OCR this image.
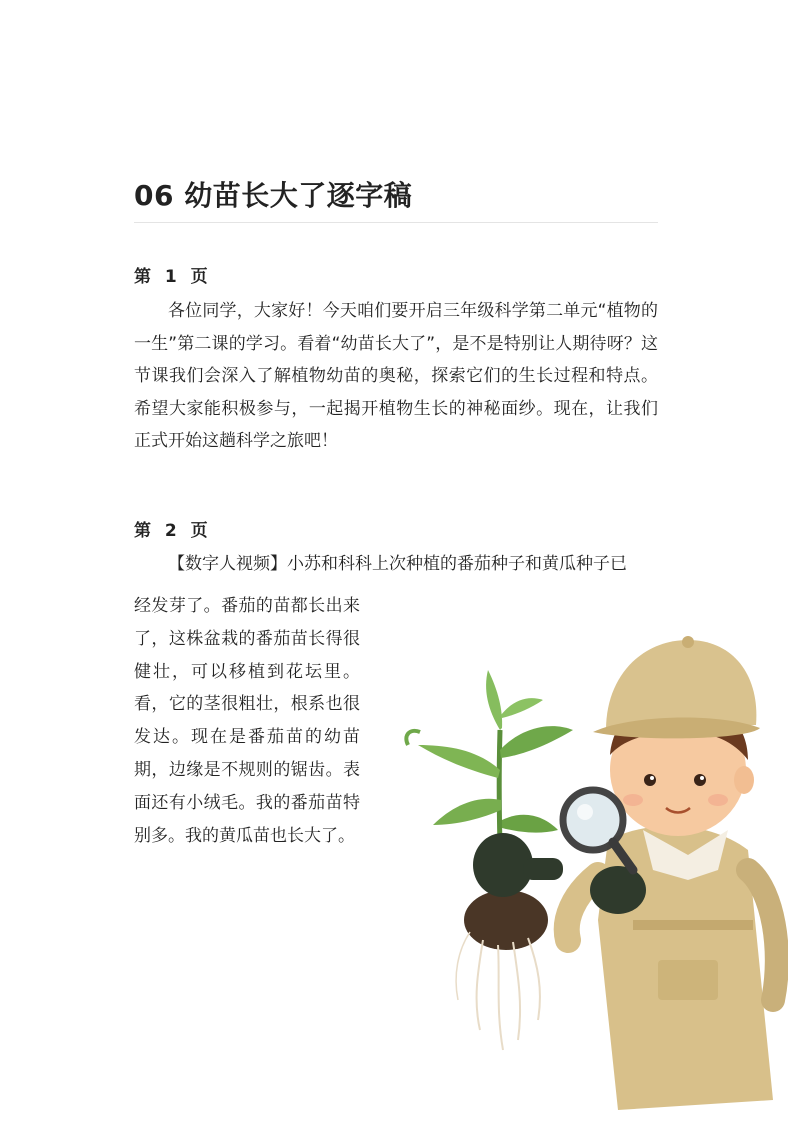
06 幼苗长大了逐字稿
第 1 页

各位同学，大家好！今天咱们要开启三年级科学第二单元“植物的一生”第二课的学习。看着“幼苗长大了”，是不是特别让人期待呀？这节课我们会深入了解植物幼苗的奥秘，探索它们的生长过程和特点。希望大家能积极参与，一起揭开植物生长的神秘面纱。现在，让我们正式开始这趟科学之旅吧！

第 2 页

【数字人视频】小苏和科科上次种植的番茄种子和黄瓜种子已

经发芽了。番茄的苗都长出来了，这株盆栽的番茄苗长得很健壮，可以移植到花坛里。看，它的茎很粗壮，根系也很发达。现在是番茄苗的幼苗期，边缘是不规则的锯齿。表面还有小绒毛。我的番茄苗特别多。我的黄瓜苗也长大了。
